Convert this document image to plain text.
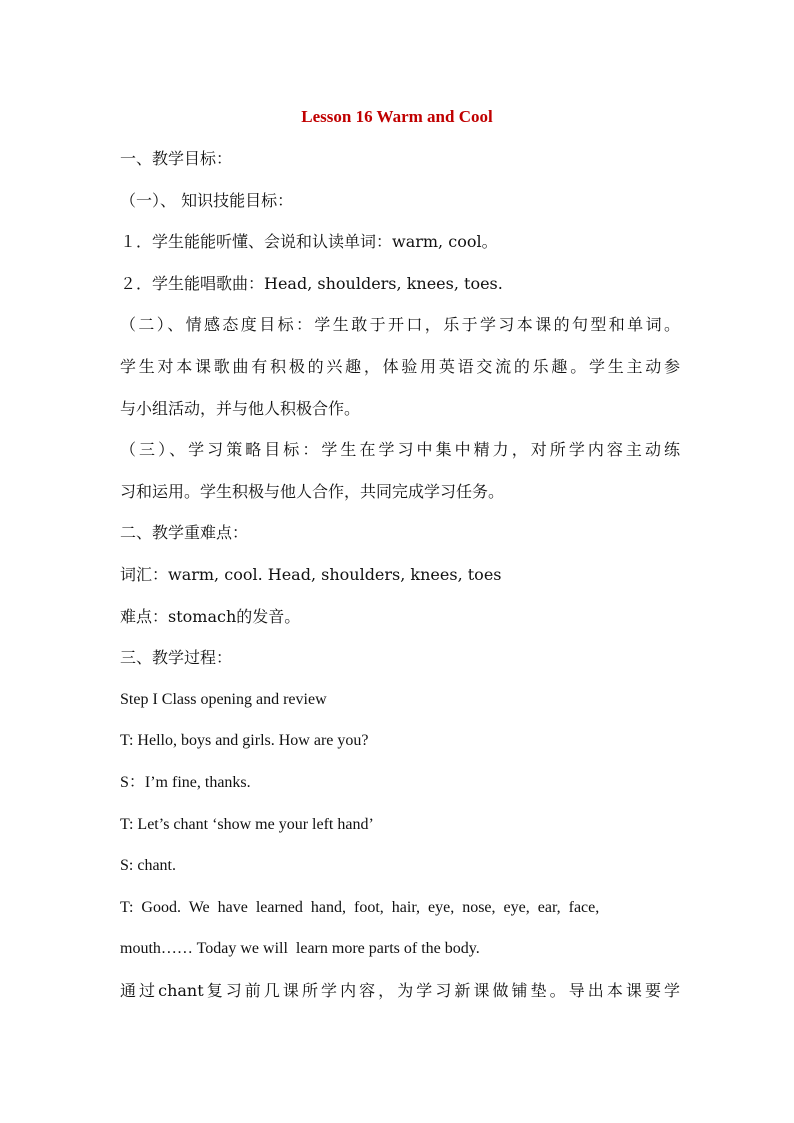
Lesson 16 Warm and Cool
一、教学目标：
（一）、 知识技能目标：
１．学生能能听懂、会说和认读单词：warm, cool。
２．学生能唱歌曲：Head, shoulders, knees, toes.
（二）、情感态度目标：学生敢于开口，乐于学习本课的句型和单词。
学生对本课歌曲有积极的兴趣，体验用英语交流的乐趣。学生主动参
与小组活动，并与他人积极合作。
（三）、学习策略目标：学生在学习中集中精力，对所学内容主动练
习和运用。学生积极与他人合作，共同完成学习任务。
二、教学重难点：
词汇：warm, cool. Head, shoulders, knees, toes
难点：stomach的发音。
三、教学过程：
Step I Class opening and review
T: Hello, boys and girls. How are you?
S：I’m fine, thanks.
T: Let’s chant ‘show me your left hand’
S: chant.
T:  Good.  We  have  learned  hand,  foot,  hair,  eye,  nose,  eye,  ear,  face,
mouth…… Today we will  learn more parts of the body.
通过chant复习前几课所学内容，为学习新课做铺垫。导出本课要学
